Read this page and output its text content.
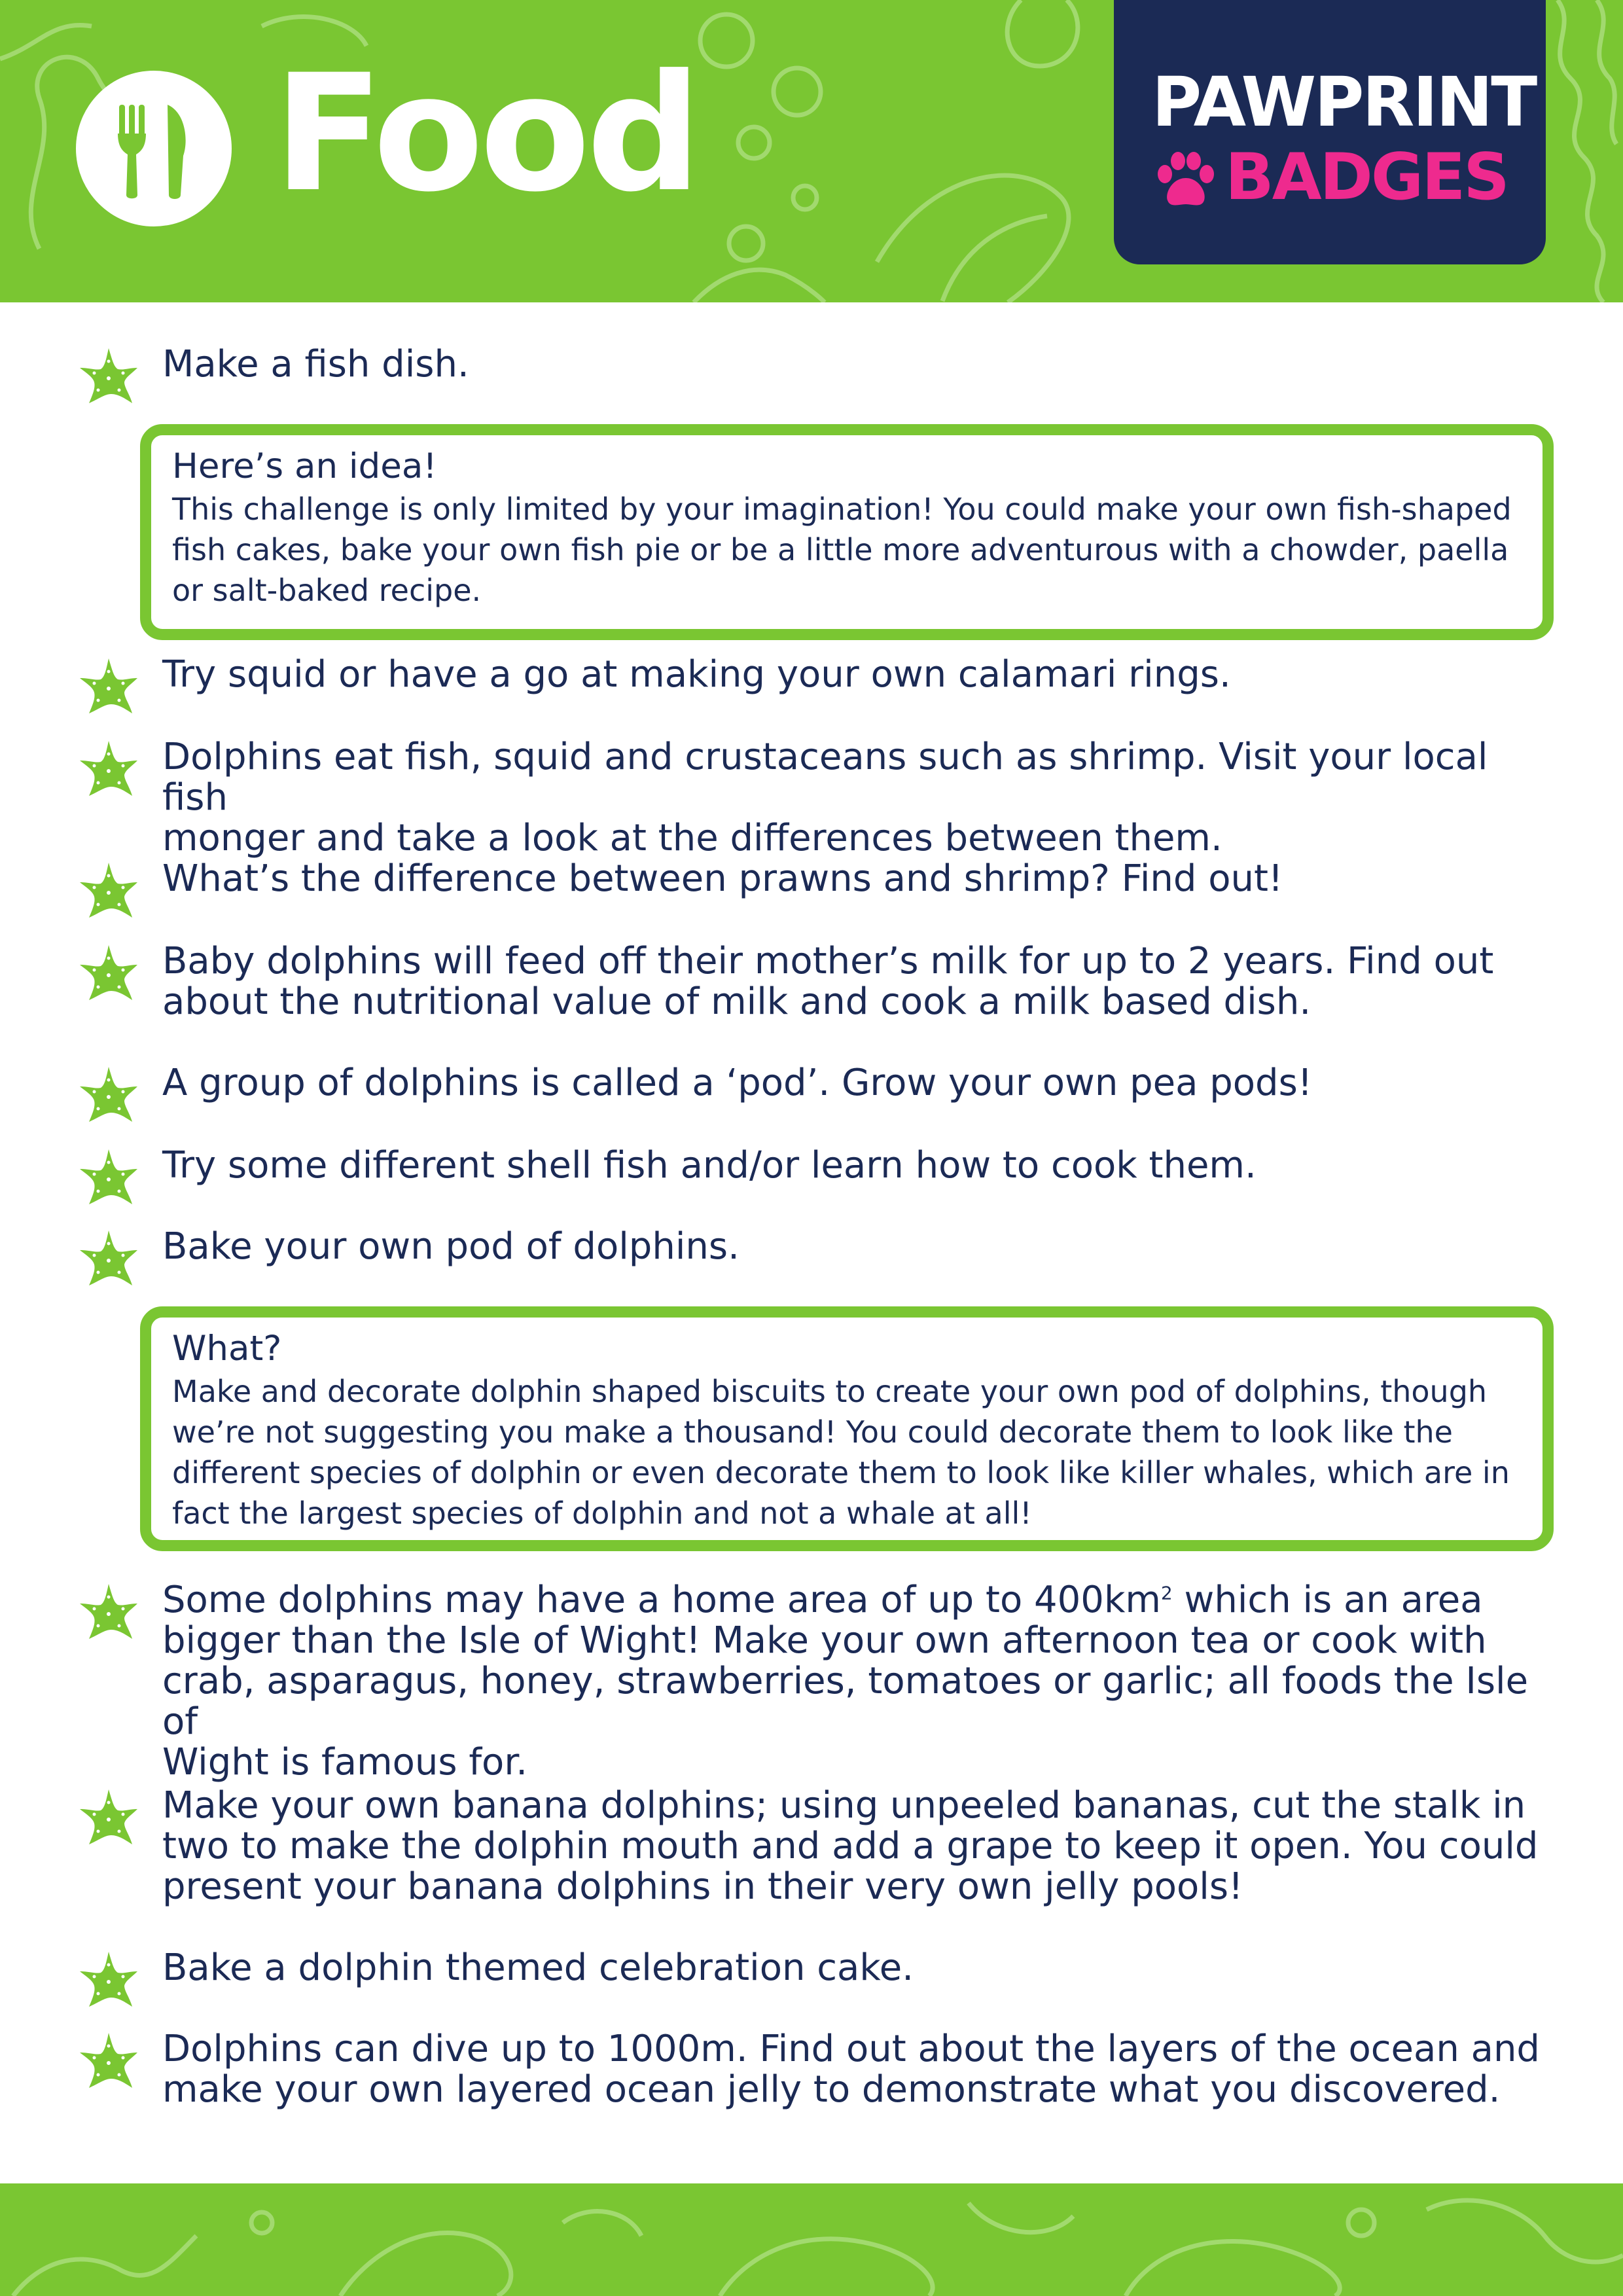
Food	PAWPRINT
BADGES
Make a fish dish.
Here’s an idea!
This challenge is only limited by your imagination! You could make your own fish-shaped
fish cakes, bake your own fish pie or be a little more adventurous with a chowder, paella
or salt-baked recipe.
Try squid or have a go at making your own calamari rings.
Dolphins eat fish, squid and crustaceans such as shrimp. Visit your local fish
monger and take a look at the differences between them.
What’s the difference between prawns and shrimp? Find out!
Baby dolphins will feed off their mother’s milk for up to 2 years. Find out
about the nutritional value of milk and cook a milk based dish.
A group of dolphins is called a ‘pod’. Grow your own pea pods!
Try some different shell fish and/or learn how to cook them.
Bake your own pod of dolphins.
What?
Make and decorate dolphin shaped biscuits to create your own pod of dolphins, though
we’re not suggesting you make a thousand! You could decorate them to look like the
different species of dolphin or even decorate them to look like killer whales, which are in
fact the largest species of dolphin and not a whale at all!
Some dolphins may have a home area of up to $400km^2$ which is an area
bigger than the Isle of Wight! Make your own afternoon tea or cook with
crab, asparagus, honey, strawberries, tomatoes or garlic; all foods the Isle of
Wight is famous for.
Make your own banana dolphins; using unpeeled bananas, cut the stalk in
two to make the dolphin mouth and add a grape to keep it open. You could
present your banana dolphins in their very own jelly pools!
Bake a dolphin themed celebration cake.
Dolphins can dive up to 1000m. Find out about the layers of the ocean and
make your own layered ocean jelly to demonstrate what you discovered.
